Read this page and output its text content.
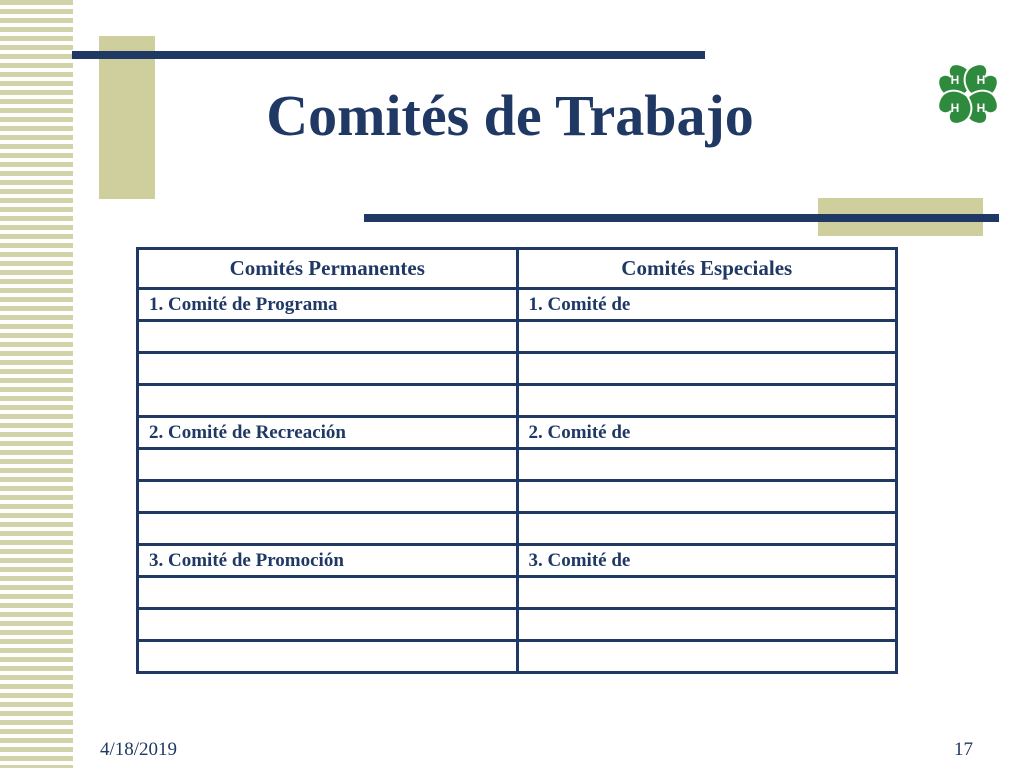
Comités de Trabajo
H H
H H
Comités Permanentes	Comités Especiales
1. Comité de Programa	1. Comité de

2. Comité de Recreación	2. Comité de

3. Comité de Promoción	3. Comité de

4/18/2019	17
